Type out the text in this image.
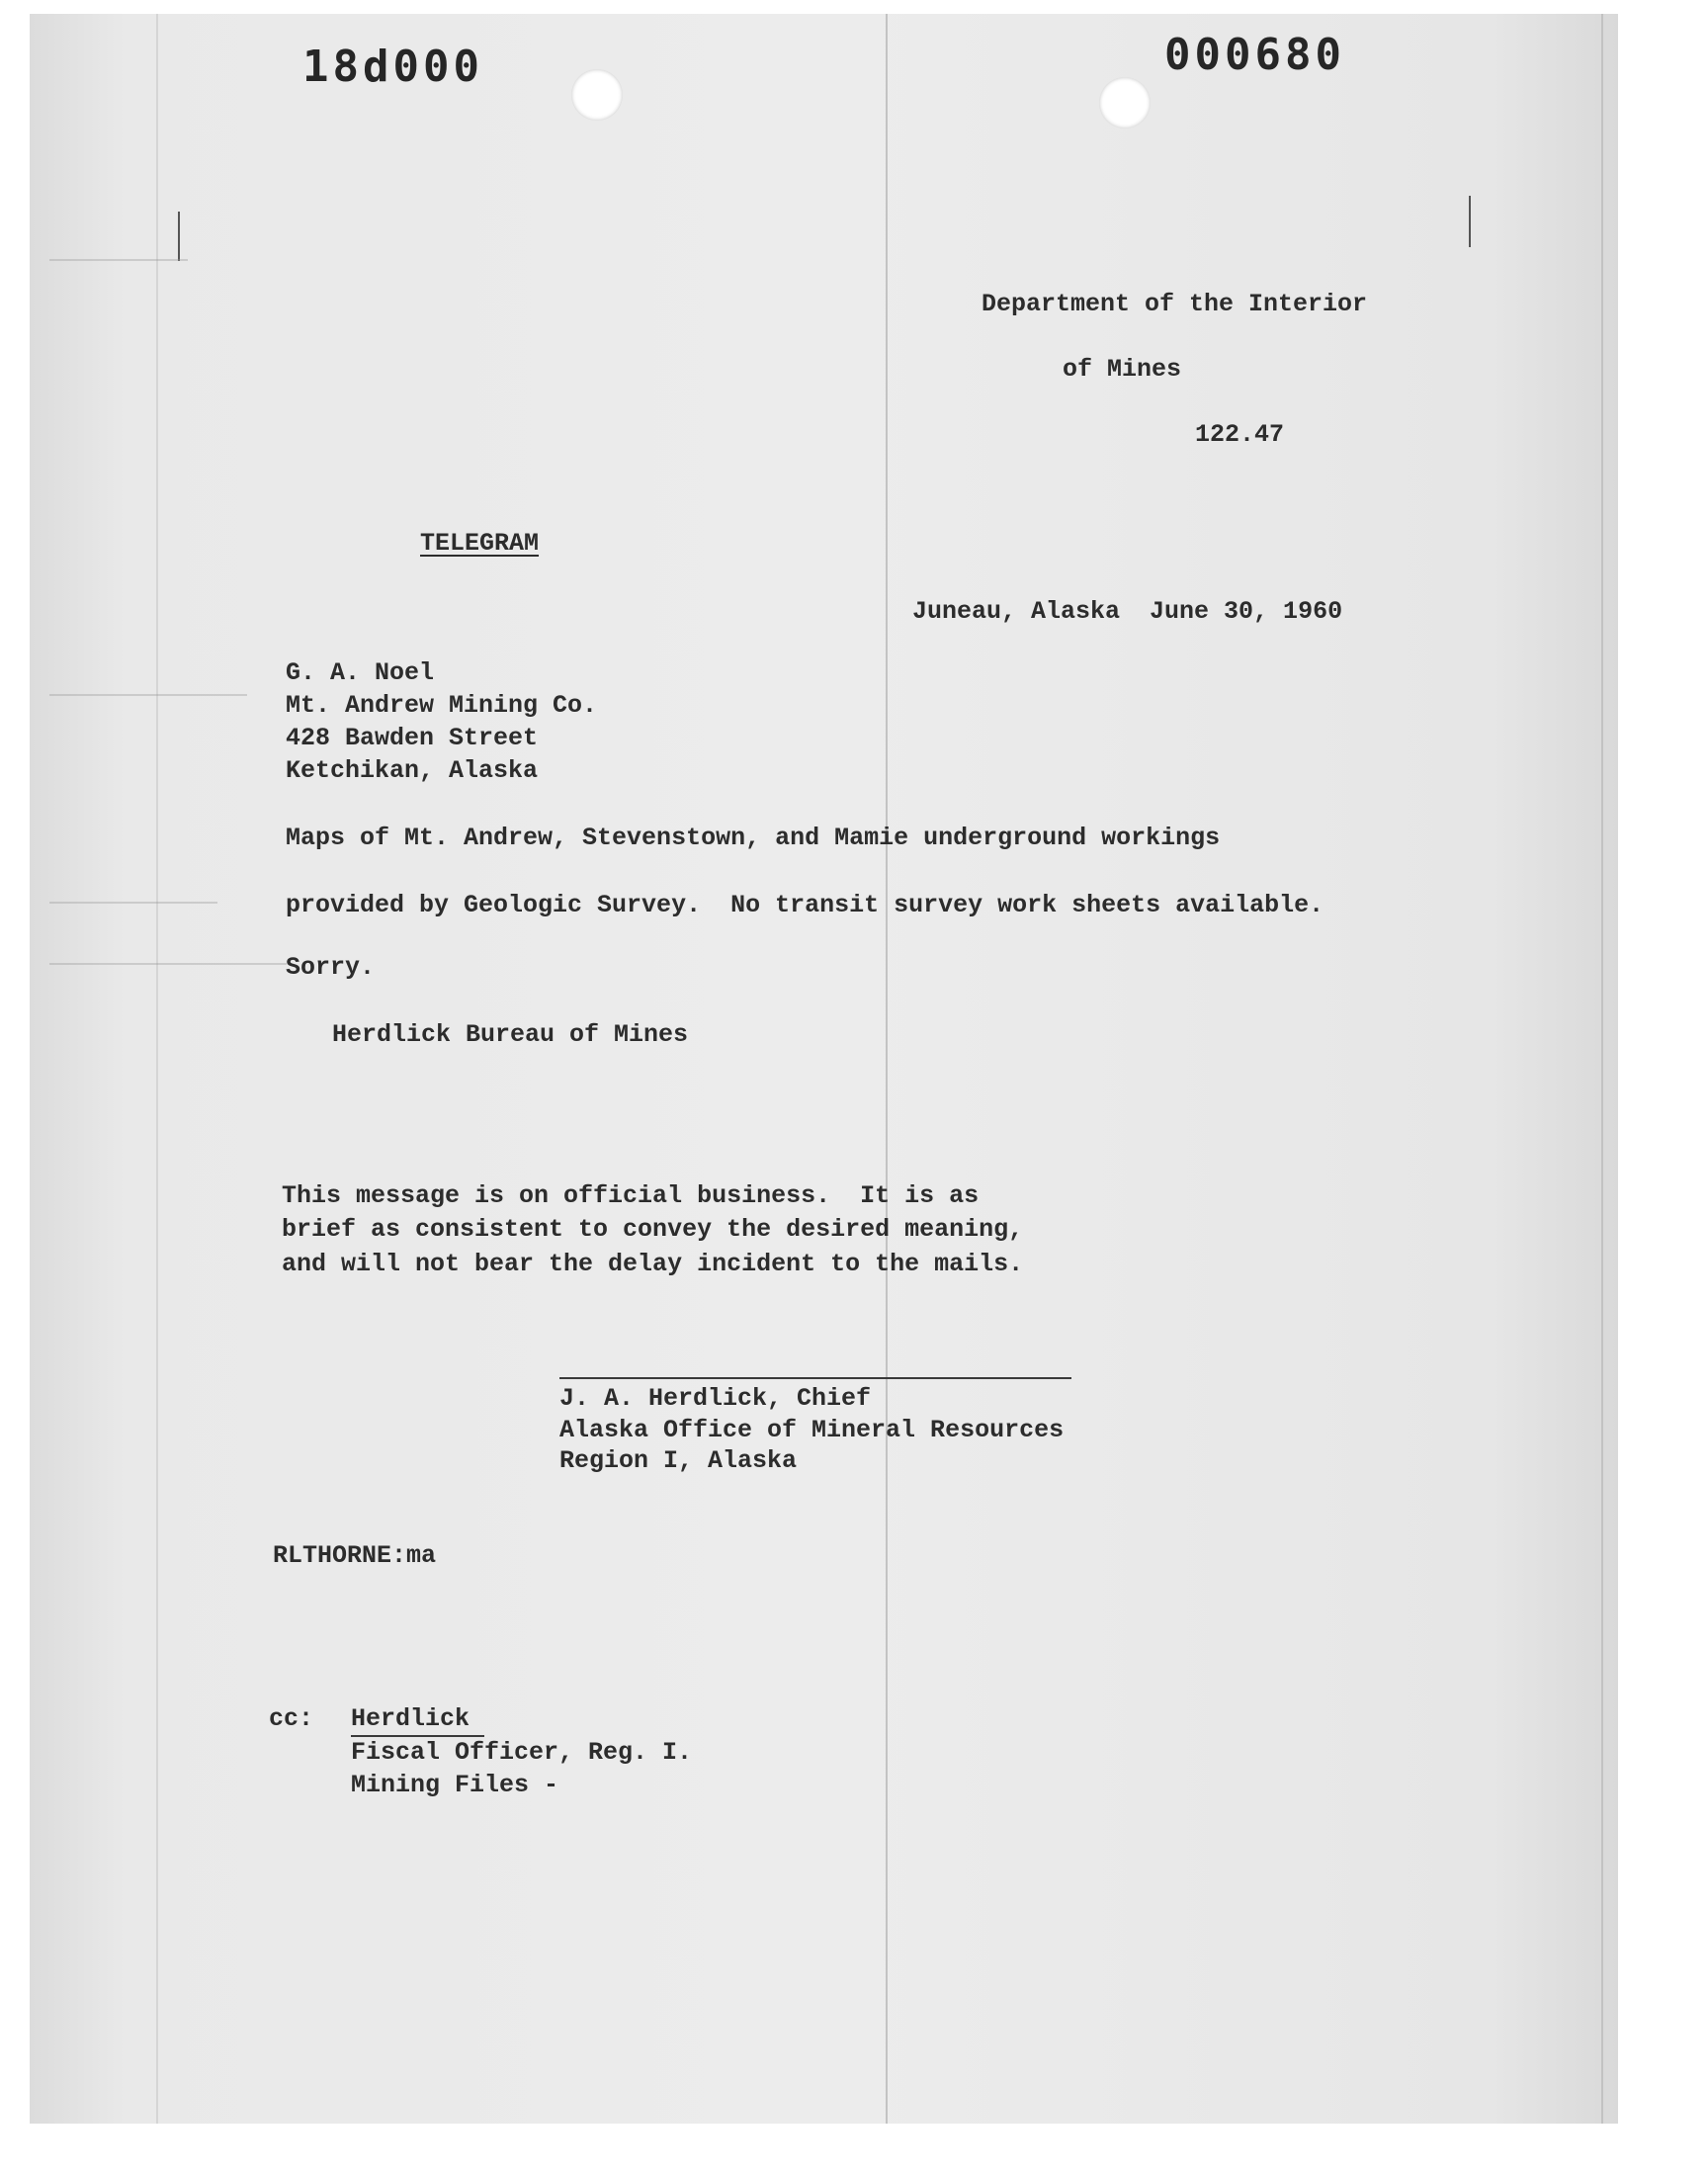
18d000	000680
Department of the Interior
of Mines
122.47
TELEGRAM
Juneau, Alaska  June 30, 1960
G. A. Noel
Mt. Andrew Mining Co.
428 Bawden Street
Ketchikan, Alaska
Maps of Mt. Andrew, Stevenstown, and Mamie underground workings
provided by Geologic Survey.  No transit survey work sheets available.
Sorry.
Herdlick Bureau of Mines
This message is on official business.  It is as
brief as consistent to convey the desired meaning,
and will not bear the delay incident to the mails.
J. A. Herdlick, Chief
Alaska Office of Mineral Resources
Region I, Alaska
RLTHORNE:ma
cc: Herdlick
Fiscal Officer, Reg. I.
Mining Files -
